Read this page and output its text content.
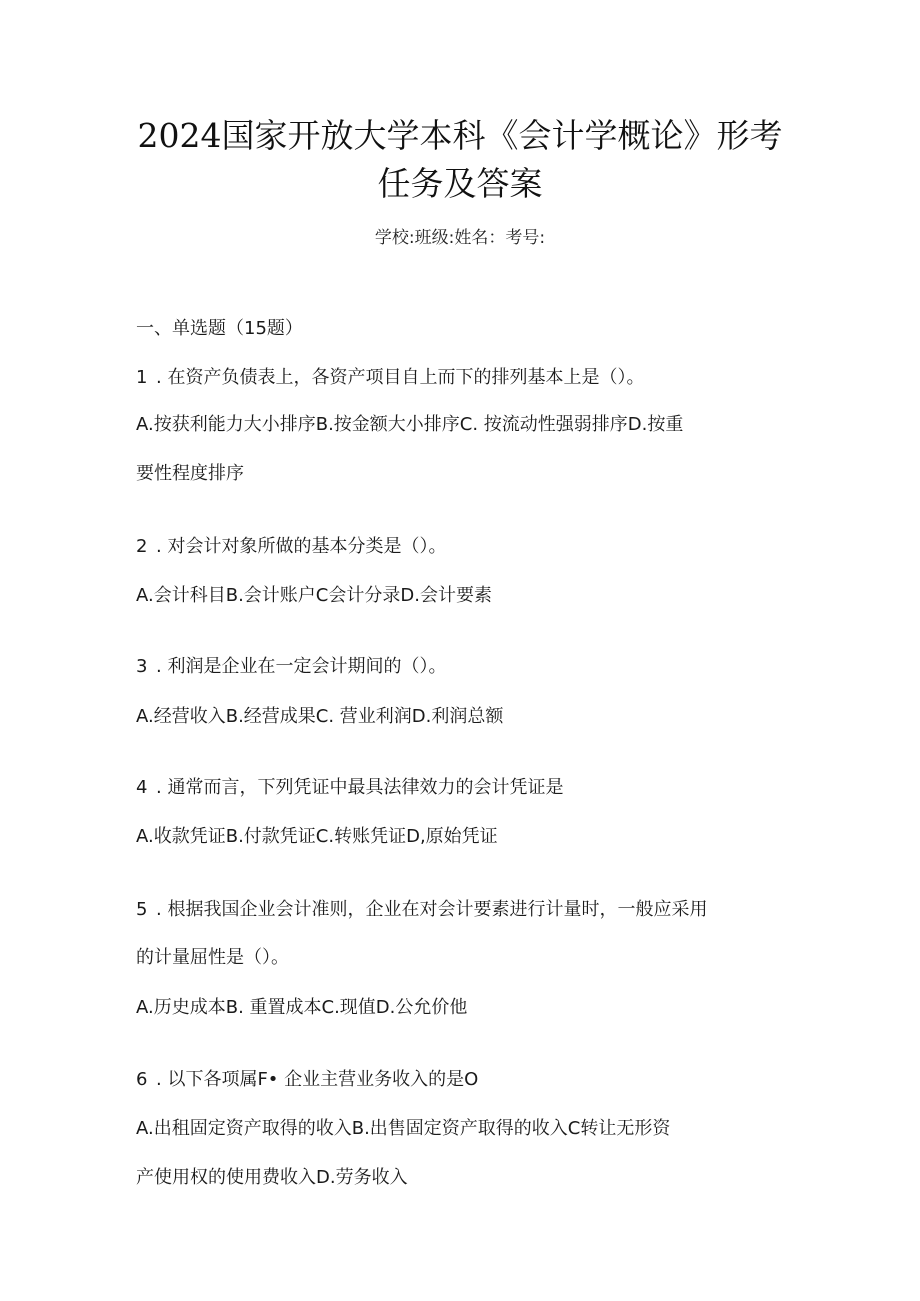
2024国家开放大学本科《会计学概论》形考
任务及答案
学校:班级:姓名：考号:
一、单选题（15题）
1 . 在资产负债表上，各资产项目自上而下的排列基本上是（）。
A.按获利能力大小排序B.按金额大小排序C. 按流动性强弱排序D.按重
要性程度排序
2 . 对会计对象所做的基本分类是（）。
A.会计科目B.会计账户C会计分录D.会计要素
3 . 利润是企业在一定会计期间的（）。
A.经营收入B.经营成果C. 营业利润D.利润总额
4 . 通常而言，下列凭证中最具法律效力的会计凭证是
A.收款凭证B.付款凭证C.转账凭证D,原始凭证
5 . 根据我国企业会计准则，企业在对会计要素进行计量时，一般应采用
的计量屈性是（）。
A.历史成本B. 重置成本C.现值D.公允价他
6 . 以下各项属F• 企业主营业务收入的是O
A.出租固定资产取得的收入B.出售固定资产取得的收入C转让无形资
产使用权的使用费收入D.劳务收入
